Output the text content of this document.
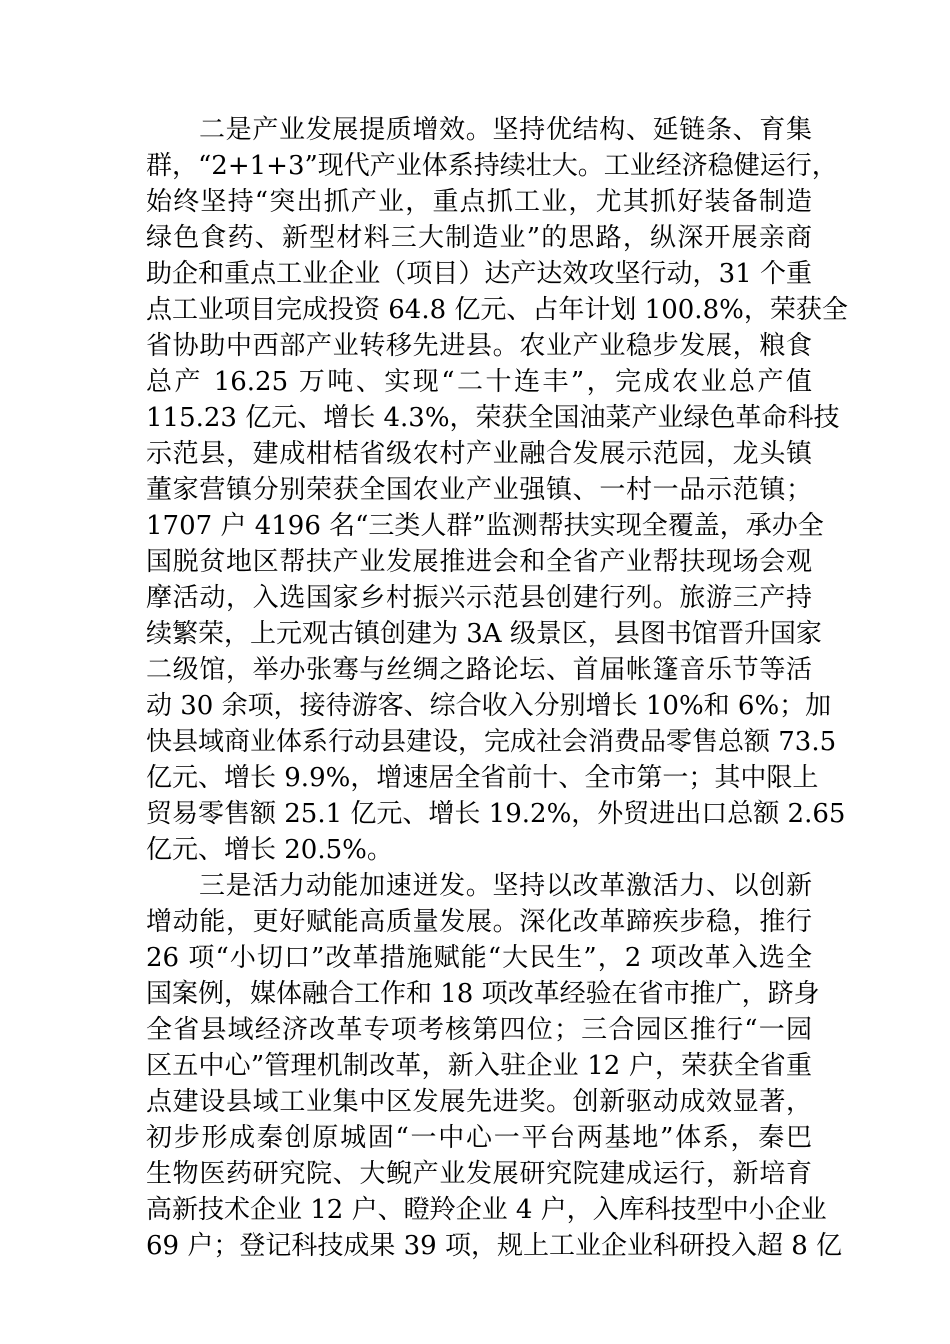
二是产业发展提质增效。坚持优结构、延链条、育集
群，“2+1+3”现代产业体系持续壮大。工业经济稳健运行，
始终坚持“突出抓产业，重点抓工业，尤其抓好装备制造
绿色食药、新型材料三大制造业”的思路，纵深开展亲商
助企和重点工业企业（项目）达产达效攻坚行动，31 个重
点工业项目完成投资 64.8 亿元、占年计划 100.8%，荣获全
省协助中西部产业转移先进县。农业产业稳步发展，粮食
总产 16.25 万吨、实现“二十连丰”，完成农业总产值
115.23 亿元、增长 4.3%，荣获全国油菜产业绿色革命科技
示范县，建成柑桔省级农村产业融合发展示范园，龙头镇
董家营镇分别荣获全国农业产业强镇、一村一品示范镇；
1707 户 4196 名“三类人群”监测帮扶实现全覆盖，承办全
国脱贫地区帮扶产业发展推进会和全省产业帮扶现场会观
摩活动，入选国家乡村振兴示范县创建行列。旅游三产持
续繁荣，上元观古镇创建为 3A 级景区，县图书馆晋升国家
二级馆，举办张骞与丝绸之路论坛、首届帐篷音乐节等活
动 30 余项，接待游客、综合收入分别增长 10%和 6%；加
快县域商业体系行动县建设，完成社会消费品零售总额 73.5
亿元、增长 9.9%，增速居全省前十、全市第一；其中限上
贸易零售额 25.1 亿元、增长 19.2%，外贸进出口总额 2.65
亿元、增长 20.5%。
三是活力动能加速迸发。坚持以改革激活力、以创新
增动能，更好赋能高质量发展。深化改革蹄疾步稳，推行
26 项“小切口”改革措施赋能“大民生”，2 项改革入选全
国案例，媒体融合工作和 18 项改革经验在省市推广，跻身
全省县域经济改革专项考核第四位；三合园区推行“一园
区五中心”管理机制改革，新入驻企业 12 户，荣获全省重
点建设县域工业集中区发展先进奖。创新驱动成效显著，
初步形成秦创原城固“一中心一平台两基地”体系，秦巴
生物医药研究院、大鲵产业发展研究院建成运行，新培育
高新技术企业 12 户、瞪羚企业 4 户，入库科技型中小企业
69 户；登记科技成果 39 项，规上工业企业科研投入超 8 亿
